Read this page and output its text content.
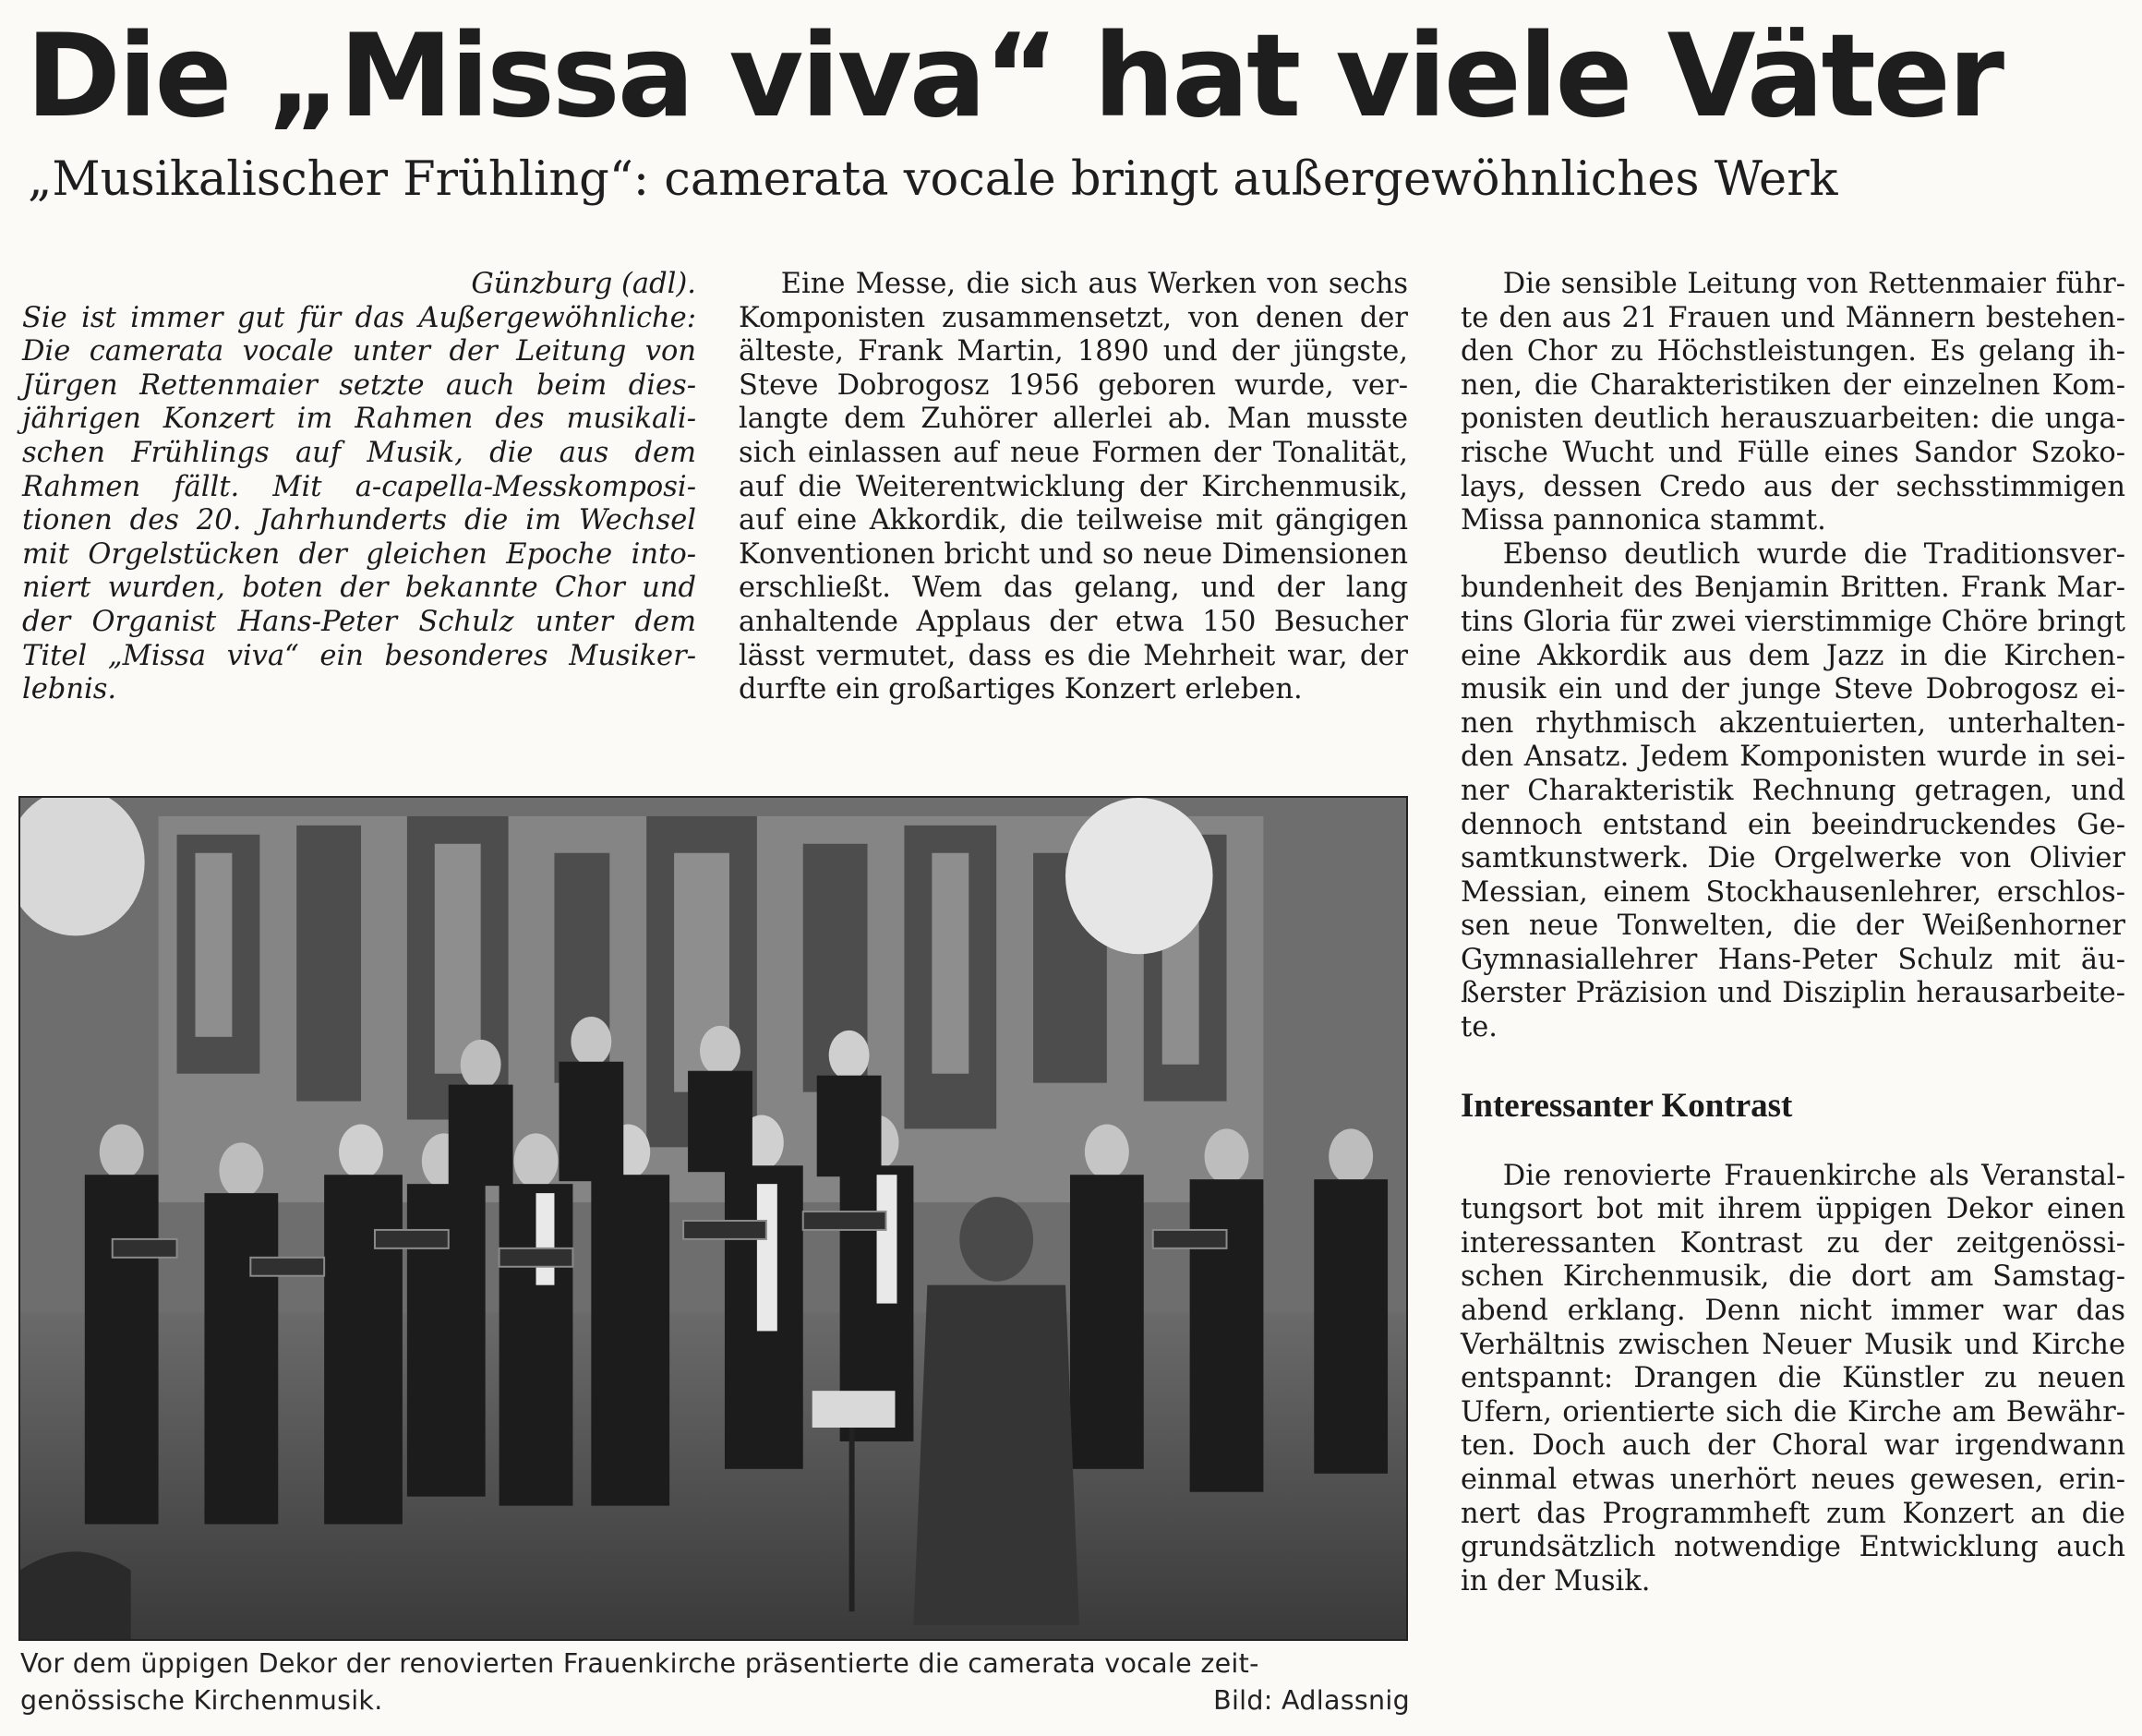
Die „Missa viva“ hat viele Väter
„Musikalischer Frühling“: camerata vocale bringt außergewöhnliches Werk
Günzburg (adl).
Sie ist immer gut für das Außergewöhnliche: Die camerata vocale unter der Leitung von Jürgen Rettenmaier setzte auch beim diesjährigen Konzert im Rahmen des musikalischen Frühlings auf Musik, die aus dem Rahmen fällt. Mit a-capella-Messkompositionen des 20. Jahrhunderts die im Wechsel mit Orgelstücken der gleichen Epoche intoniert wurden, boten der bekannte Chor und der Organist Hans-Peter Schulz unter dem Titel „Missa viva“ ein besonderes Musikerlebnis.

Eine Messe, die sich aus Werken von sechs Komponisten zusammensetzt, von denen der älteste, Frank Martin, 1890 und der jüngste, Steve Dobrogosz 1956 geboren wurde, verlangte dem Zuhörer allerlei ab. Man musste sich einlassen auf neue Formen der Tonalität, auf die Weiterentwicklung der Kirchenmusik, auf eine Akkordik, die teilweise mit gängigen Konventionen bricht und so neue Dimensionen erschließt. Wem das gelang, und der lang anhaltende Applaus der etwa 150 Besucher lässt vermutet, dass es die Mehrheit war, der durfte ein großartiges Konzert erleben.

Die sensible Leitung von Rettenmaier führte den aus 21 Frauen und Männern bestehenden Chor zu Höchstleistungen. Es gelang ihnen, die Charakteristiken der einzelnen Komponisten deutlich herauszuarbeiten: die ungarische Wucht und Fülle eines Sandor Szokolays, dessen Credo aus der sechsstimmigen Missa pannonica stammt.

Ebenso deutlich wurde die Traditionsverbundenheit des Benjamin Britten. Frank Martins Gloria für zwei vierstimmige Chöre bringt eine Akkordik aus dem Jazz in die Kirchenmusik ein und der junge Steve Dobrogosz einen rhythmisch akzentuierten, unterhaltenden Ansatz. Jedem Komponisten wurde in seiner Charakteristik Rechnung getragen, und dennoch entstand ein beeindruckendes Gesamtkunstwerk. Die Orgelwerke von Olivier Messian, einem Stockhausenlehrer, erschlossen neue Tonwelten, die der Weißenhorner Gymnasiallehrer Hans-Peter Schulz mit äußerster Präzision und Disziplin herausarbeitete.

Interessanter Kontrast

Die renovierte Frauenkirche als Veranstaltungsort bot mit ihrem üppigen Dekor einen interessanten Kontrast zu der zeitgenössischen Kirchenmusik, die dort am Samstagabend erklang. Denn nicht immer war das Verhältnis zwischen Neuer Musik und Kirche entspannt: Drangen die Künstler zu neuen Ufern, orientierte sich die Kirche am Bewährten. Doch auch der Choral war irgendwann einmal etwas unerhört neues gewesen, erinnert das Programmheft zum Konzert an die grundsätzlich notwendige Entwicklung auch in der Musik.

Vor dem üppigen Dekor der renovierten Frauenkirche präsentierte die camerata vocale zeitgenössische Kirchenmusik.	Bild: Adlassnig
